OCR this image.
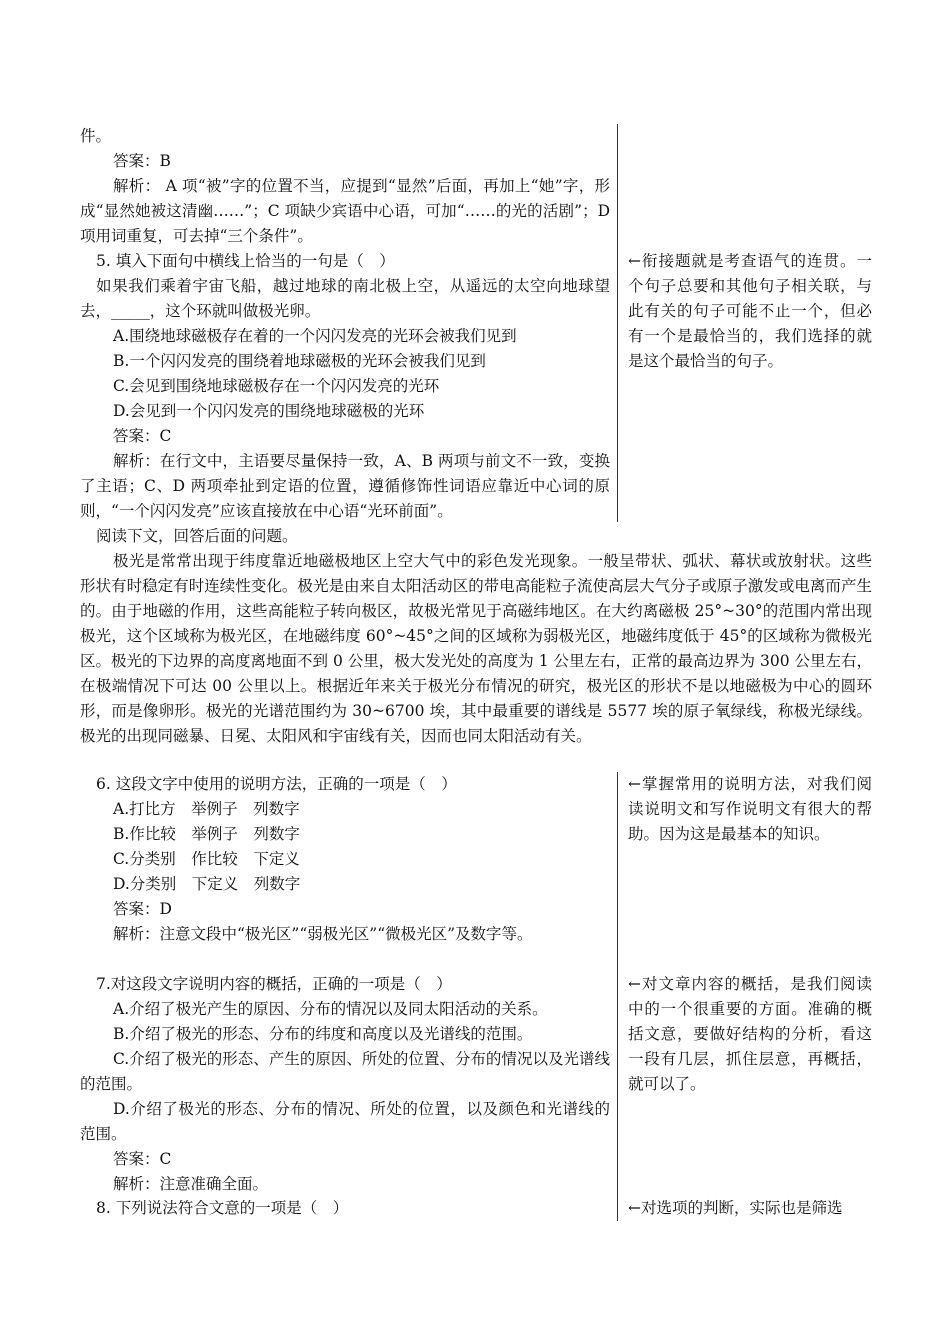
件。

答案：B

解析： A 项“被”字的位置不当，应提到“显然”后面，再加上“她”字，形成“显然她被这清幽……”；C 项缺少宾语中心语，可加“……的光的活剧”；D 项用词重复，可去掉“三个条件”。

5. 填入下面句中横线上恰当的一句是（　）

如果我们乘着宇宙飞船，越过地球的南北极上空，从遥远的太空向地球望去，_____，这个环就叫做极光卵。

A.围绕地球磁极存在着的一个闪闪发亮的光环会被我们见到

B.一个闪闪发亮的围绕着地球磁极的光环会被我们见到

C.会见到围绕地球磁极存在一个闪闪发亮的光环

D.会见到一个闪闪发亮的围绕地球磁极的光环

答案：C

解析：在行文中，主语要尽量保持一致，A、B 两项与前文不一致，变换了主语；C、D 两项牵扯到定语的位置，遵循修饰性词语应靠近中心词的原则，“一个闪闪发亮”应该直接放在中心语“光环前面”。

←衔接题就是考查语气的连贯。一个句子总要和其他句子相关联，与此有关的句子可能不止一个，但必有一个是最恰当的，我们选择的就是这个最恰当的句子。

阅读下文，回答后面的问题。

极光是常常出现于纬度靠近地磁极地区上空大气中的彩色发光现象。一般呈带状、弧状、幕状或放射状。这些形状有时稳定有时连续性变化。极光是由来自太阳活动区的带电高能粒子流使高层大气分子或原子激发或电离而产生的。由于地磁的作用，这些高能粒子转向极区，故极光常见于高磁纬地区。在大约离磁极 25°~30°的范围内常出现极光，这个区域称为极光区，在地磁纬度 60°~45°之间的区域称为弱极光区，地磁纬度低于 45°的区域称为微极光区。极光的下边界的高度离地面不到 0 公里，极大发光处的高度为 1 公里左右，正常的最高边界为 300 公里左右，在极端情况下可达 00 公里以上。根据近年来关于极光分布情况的研究，极光区的形状不是以地磁极为中心的圆环形，而是像卵形。极光的光谱范围约为 30~6700 埃，其中最重要的谱线是 5577 埃的原子氧绿线，称极光绿线。极光的出现同磁暴、日冕、太阳风和宇宙线有关，因而也同太阳活动有关。

6. 这段文字中使用的说明方法，正确的一项是（　）

A.打比方　举例子　列数字

B.作比较　举例子　列数字

C.分类别　作比较　下定义

D.分类别　下定义　列数字

答案：D

解析：注意文段中“极光区”“弱极光区”“微极光区”及数字等。

←掌握常用的说明方法，对我们阅读说明文和写作说明文有很大的帮助。因为这是最基本的知识。

7.对这段文字说明内容的概括，正确的一项是（　）

A.介绍了极光产生的原因、分布的情况以及同太阳活动的关系。

B.介绍了极光的形态、分布的纬度和高度以及光谱线的范围。

C.介绍了极光的形态、产生的原因、所处的位置、分布的情况以及光谱线的范围。

D.介绍了极光的形态、分布的情况、所处的位置，以及颜色和光谱线的范围。

答案：C

解析：注意准确全面。

←对文章内容的概括，是我们阅读中的一个很重要的方面。准确的概括文意，要做好结构的分析，看这一段有几层，抓住层意，再概括，就可以了。

8. 下列说法符合文意的一项是（　）	←对选项的判断，实际也是筛选
